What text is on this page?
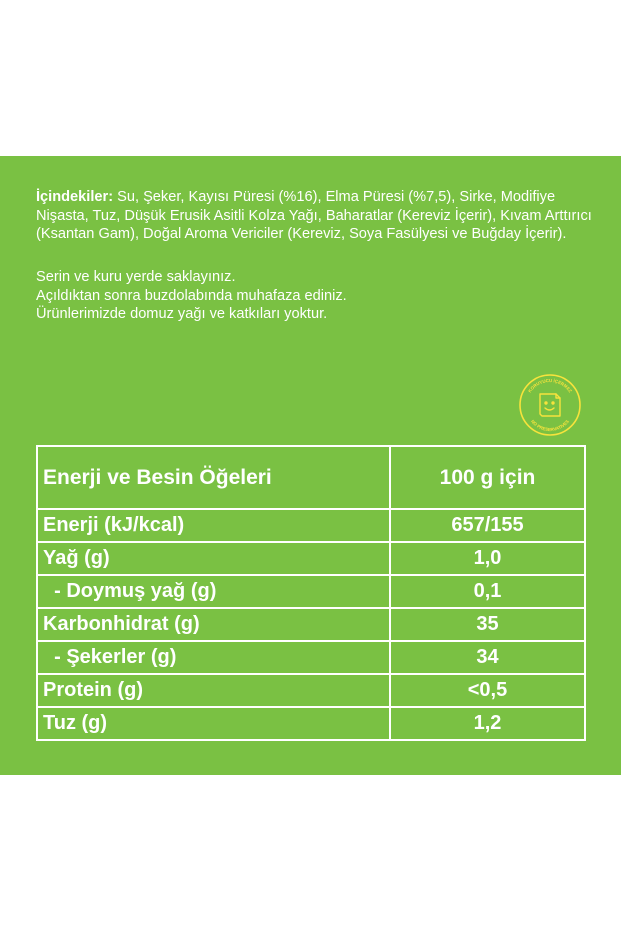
İçindekiler: Su, Şeker, Kayısı Püresi (%16), Elma Püresi (%7,5), Sirke, Modifiye Nişasta, Tuz, Düşük Erusik Asitli Kolza Yağı, Baharatlar (Kereviz İçerir), Kıvam Arttırıcı (Ksantan Gam), Doğal Aroma Vericiler (Kereviz, Soya Fasülyesi ve Buğday İçerir).
Serin ve kuru yerde saklayınız.
Açıldıktan sonra buzdolabında muhafaza ediniz.
Ürünlerimizde domuz yağı ve katkıları yoktur.
KORUYUCU İÇERMEZ
NO PRESERVATIVES
Enerji ve Besin Öğeleri	100 g için
Enerji (kJ/kcal)	657/155
Yağ (g)	1,0
- Doymuş yağ (g)	0,1
Karbonhidrat (g)	35
- Şekerler (g)	34
Protein (g)	<0,5
Tuz (g)	1,2
